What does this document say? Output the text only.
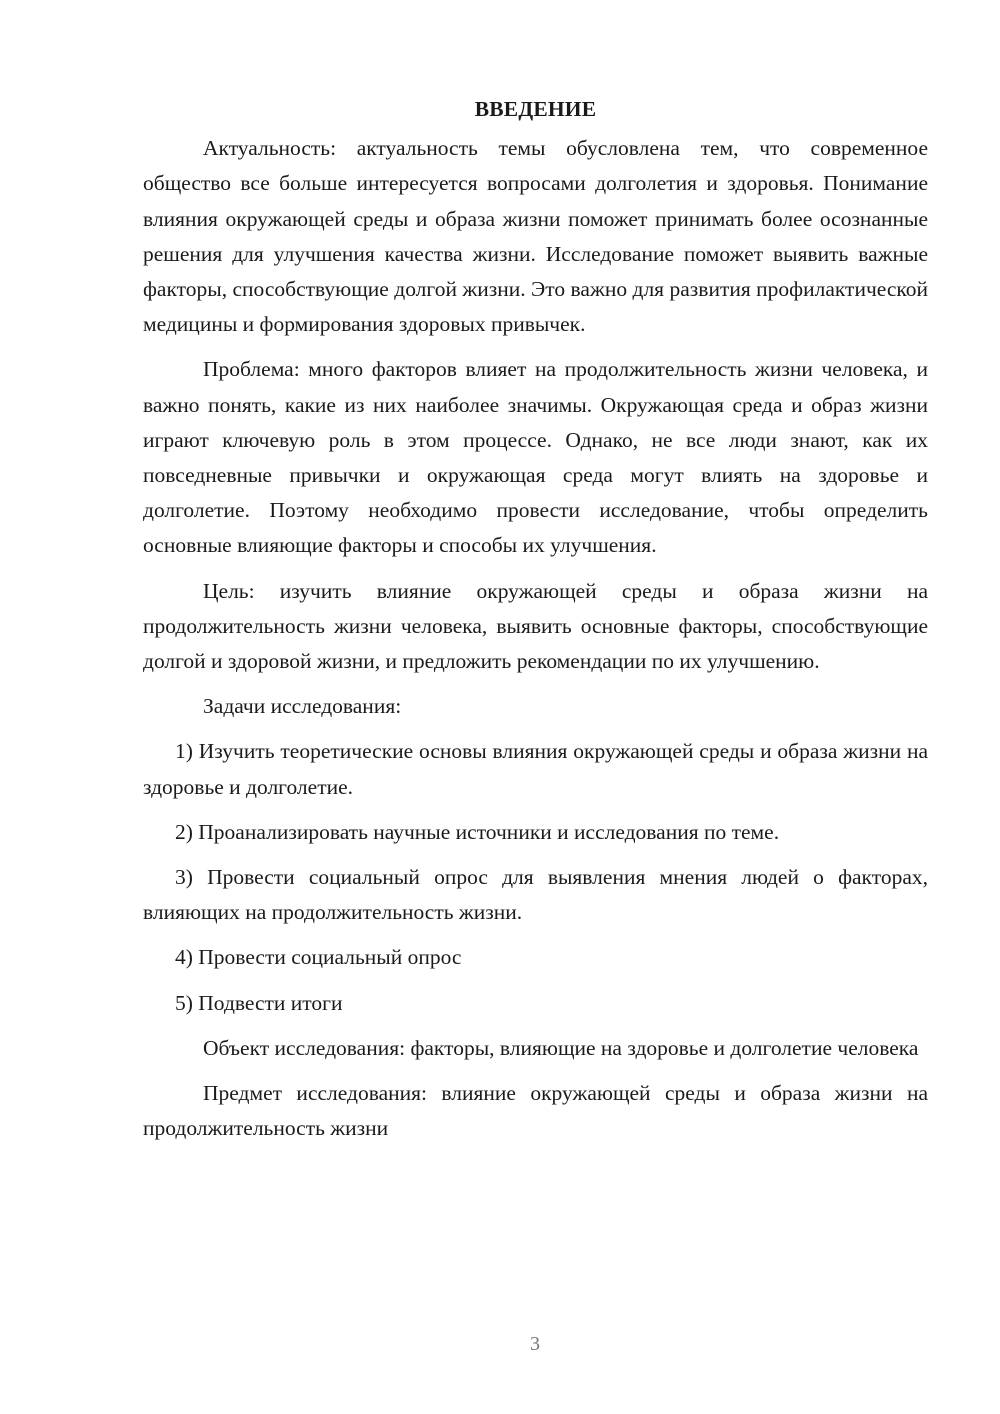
ВВЕДЕНИЕ

Актуальность: актуальность темы обусловлена тем, что современное общество все больше интересуется вопросами долголетия и здоровья. Понимание влияния окружающей среды и образа жизни поможет принимать более осознанные решения для улучшения качества жизни. Исследование поможет выявить важные факторы, способствующие долгой жизни. Это важно для развития профилактической медицины и формирования здоровых привычек.

Проблема: много факторов влияет на продолжительность жизни человека, и важно понять, какие из них наиболее значимы. Окружающая среда и образ жизни играют ключевую роль в этом процессе. Однако, не все люди знают, как их повседневные привычки и окружающая среда могут влиять на здоровье и долголетие. Поэтому необходимо провести исследование, чтобы определить основные влияющие факторы и способы их улучшения.

Цель: изучить влияние окружающей среды и образа жизни на продолжительность жизни человека, выявить основные факторы, способствующие долгой и здоровой жизни, и предложить рекомендации по их улучшению.

Задачи исследования:

1) Изучить теоретические основы влияния окружающей среды и образа жизни на здоровье и долголетие.

2) Проанализировать научные источники и исследования по теме.

3) Провести социальный опрос для выявления мнения людей о факторах, влияющих на продолжительность жизни.

4) Провести социальный опрос

5) Подвести итоги

Объект исследования: факторы, влияющие на здоровье и долголетие человека

Предмет исследования: влияние окружающей среды и образа жизни на продолжительность жизни

3
